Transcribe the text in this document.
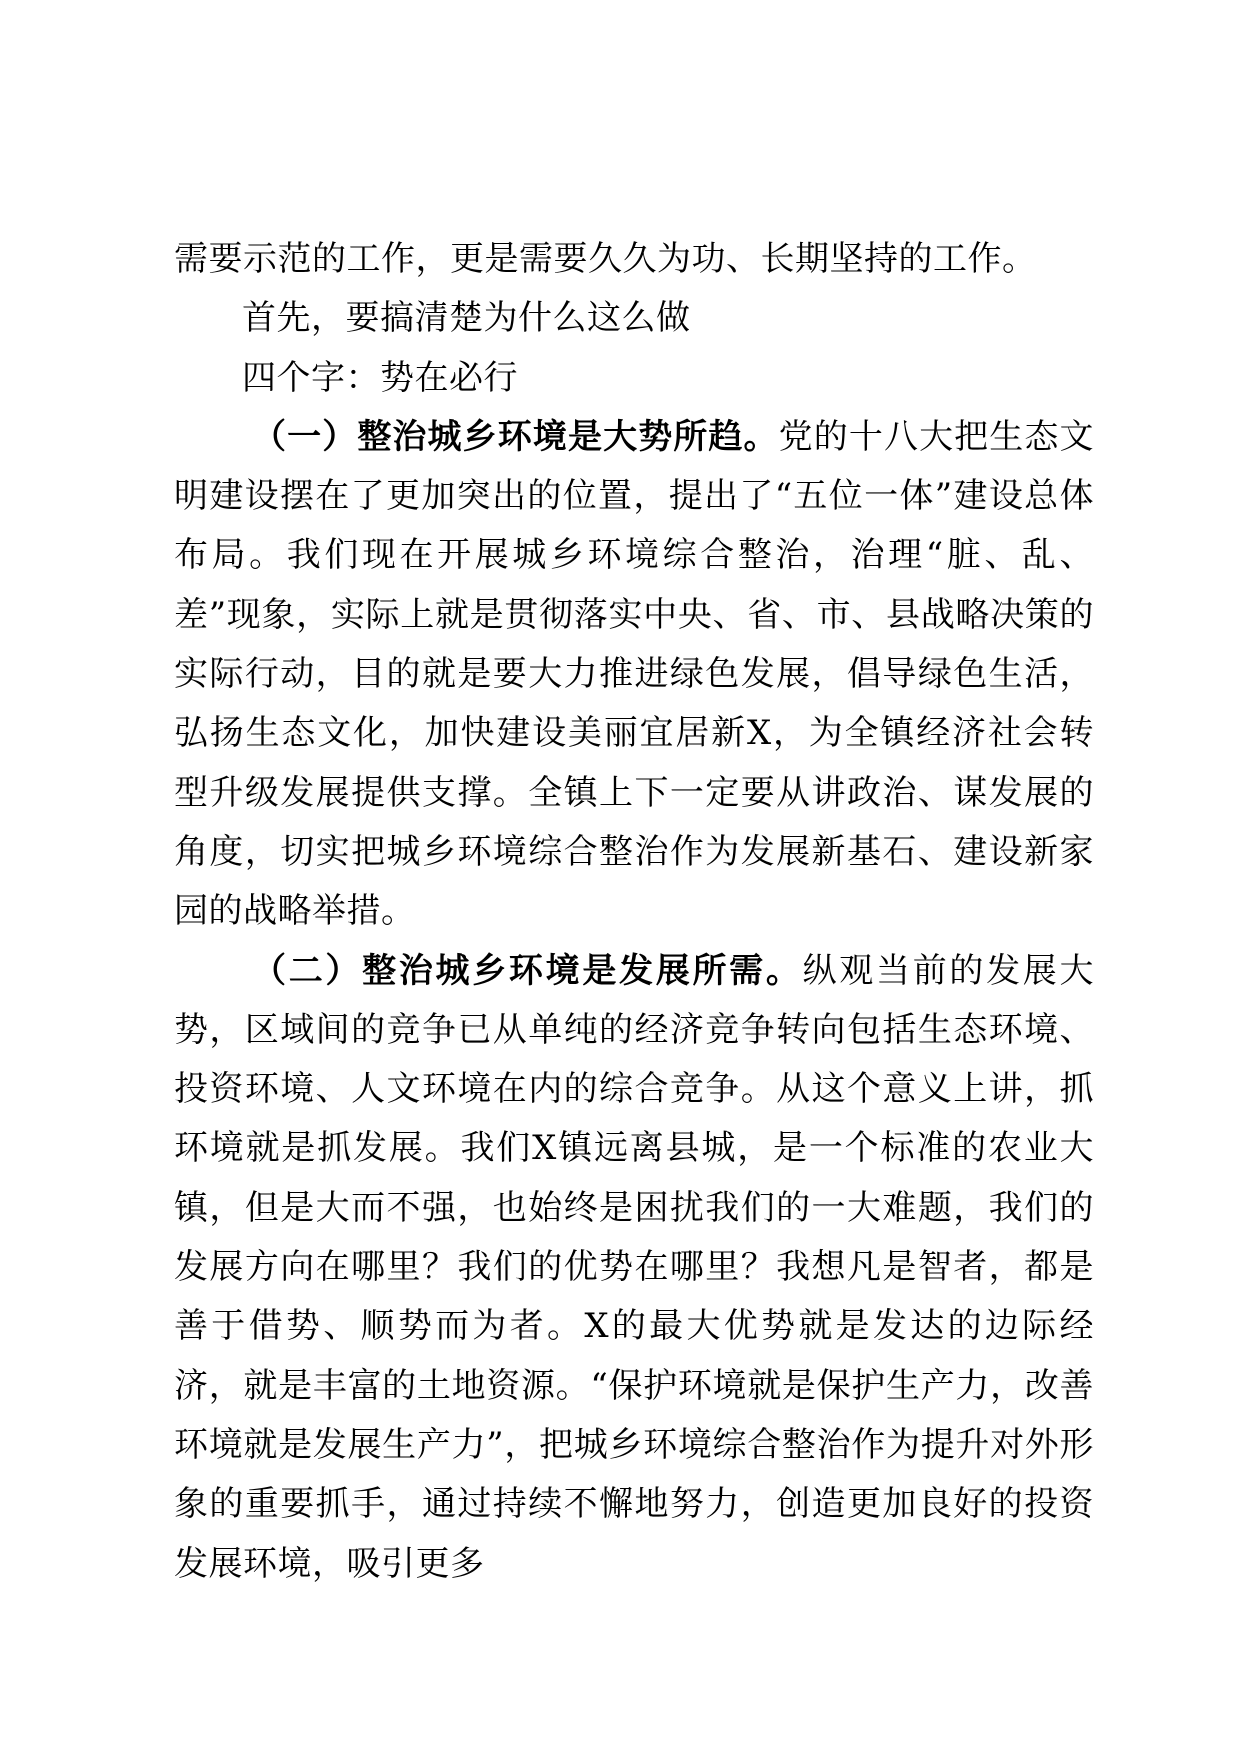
需要示范的工作，更是需要久久为功、长期坚持的工作。

首先，要搞清楚为什么这么做

四个字：势在必行

（一）整治城乡环境是大势所趋。党的十八大把生态文明建设摆在了更加突出的位置，提出了“五位一体”建设总体布局。我们现在开展城乡环境综合整治，治理“脏、乱、差”现象，实际上就是贯彻落实中央、省、市、县战略决策的实际行动，目的就是要大力推进绿色发展，倡导绿色生活，弘扬生态文化，加快建设美丽宜居新X，为全镇经济社会转型升级发展提供支撑。全镇上下一定要从讲政治、谋发展的角度，切实把城乡环境综合整治作为发展新基石、建设新家园的战略举措。

（二）整治城乡环境是发展所需。纵观当前的发展大势，区域间的竞争已从单纯的经济竞争转向包括生态环境、投资环境、人文环境在内的综合竞争。从这个意义上讲，抓环境就是抓发展。我们X镇远离县城，是一个标准的农业大镇，但是大而不强，也始终是困扰我们的一大难题，我们的发展方向在哪里？我们的优势在哪里？我想凡是智者，都是善于借势、顺势而为者。X的最大优势就是发达的边际经济，就是丰富的土地资源。“保护环境就是保护生产力，改善环境就是发展生产力”，把城乡环境综合整治作为提升对外形象的重要抓手，通过持续不懈地努力，创造更加良好的投资发展环境，吸引更多
